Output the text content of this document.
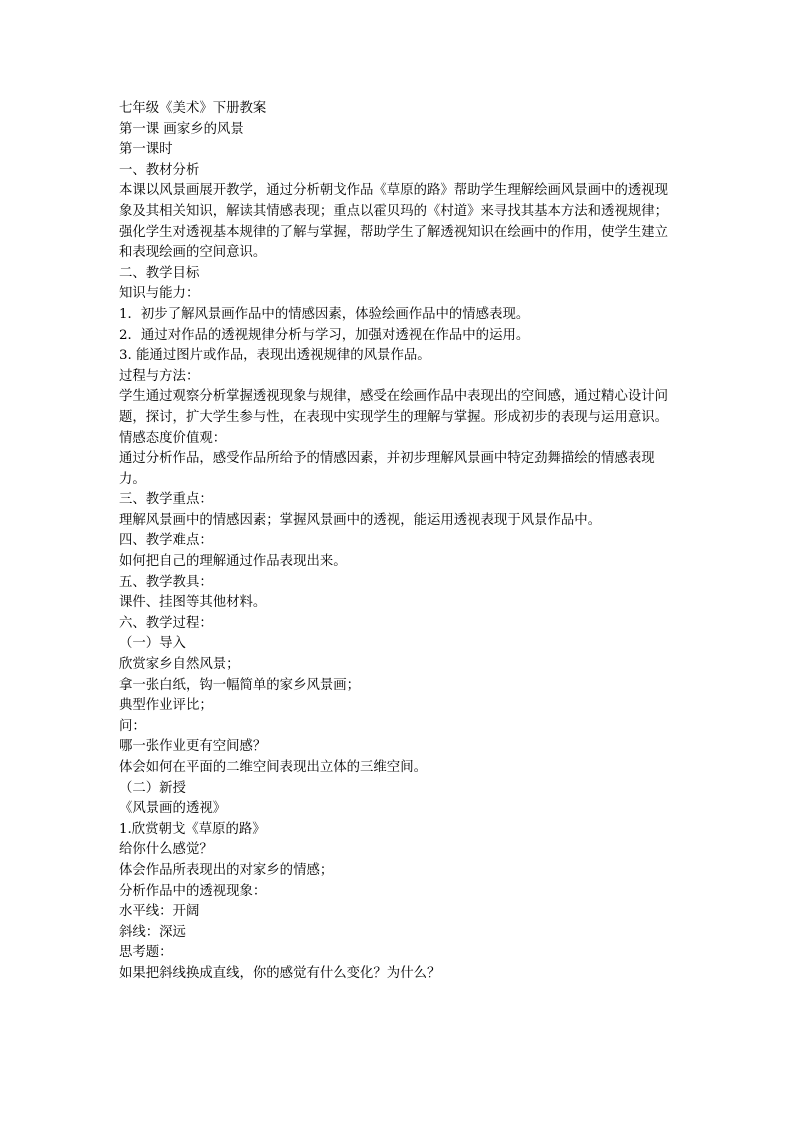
七年级《美术》下册教案

第一课 画家乡的风景

第一课时

一、教材分析

本课以风景画展开教学，通过分析朝戈作品《草原的路》帮助学生理解绘画风景画中的透视现象及其相关知识，解读其情感表现；重点以霍贝玛的《村道》来寻找其基本方法和透视规律；强化学生对透视基本规律的了解与掌握，帮助学生了解透视知识在绘画中的作用，使学生建立和表现绘画的空间意识。

二、教学目标

知识与能力：

1．初步了解风景画作品中的情感因素，体验绘画作品中的情感表现。

2．通过对作品的透视规律分析与学习，加强对透视在作品中的运用。

3. 能通过图片或作品，表现出透视规律的风景作品。

过程与方法：

学生通过观察分析掌握透视现象与规律，感受在绘画作品中表现出的空间感，通过精心设计问题，探讨，扩大学生参与性，在表现中实现学生的理解与掌握。形成初步的表现与运用意识。

情感态度价值观：

通过分析作品，感受作品所给予的情感因素，并初步理解风景画中特定劲舞描绘的情感表现力。

三、教学重点：

理解风景画中的情感因素；掌握风景画中的透视，能运用透视表现于风景作品中。

四、教学难点：

如何把自己的理解通过作品表现出来。

五、教学教具：

课件、挂图等其他材料。

六、教学过程：

（一）导入

欣赏家乡自然风景；

拿一张白纸，钩一幅简单的家乡风景画；

典型作业评比；

问：

哪一张作业更有空间感？

体会如何在平面的二维空间表现出立体的三维空间。

（二）新授

《风景画的透视》

1.欣赏朝戈《草原的路》

给你什么感觉？

体会作品所表现出的对家乡的情感；

分析作品中的透视现象：

水平线：开阔

斜线：深远

思考题：

如果把斜线换成直线，你的感觉有什么变化？为什么？
